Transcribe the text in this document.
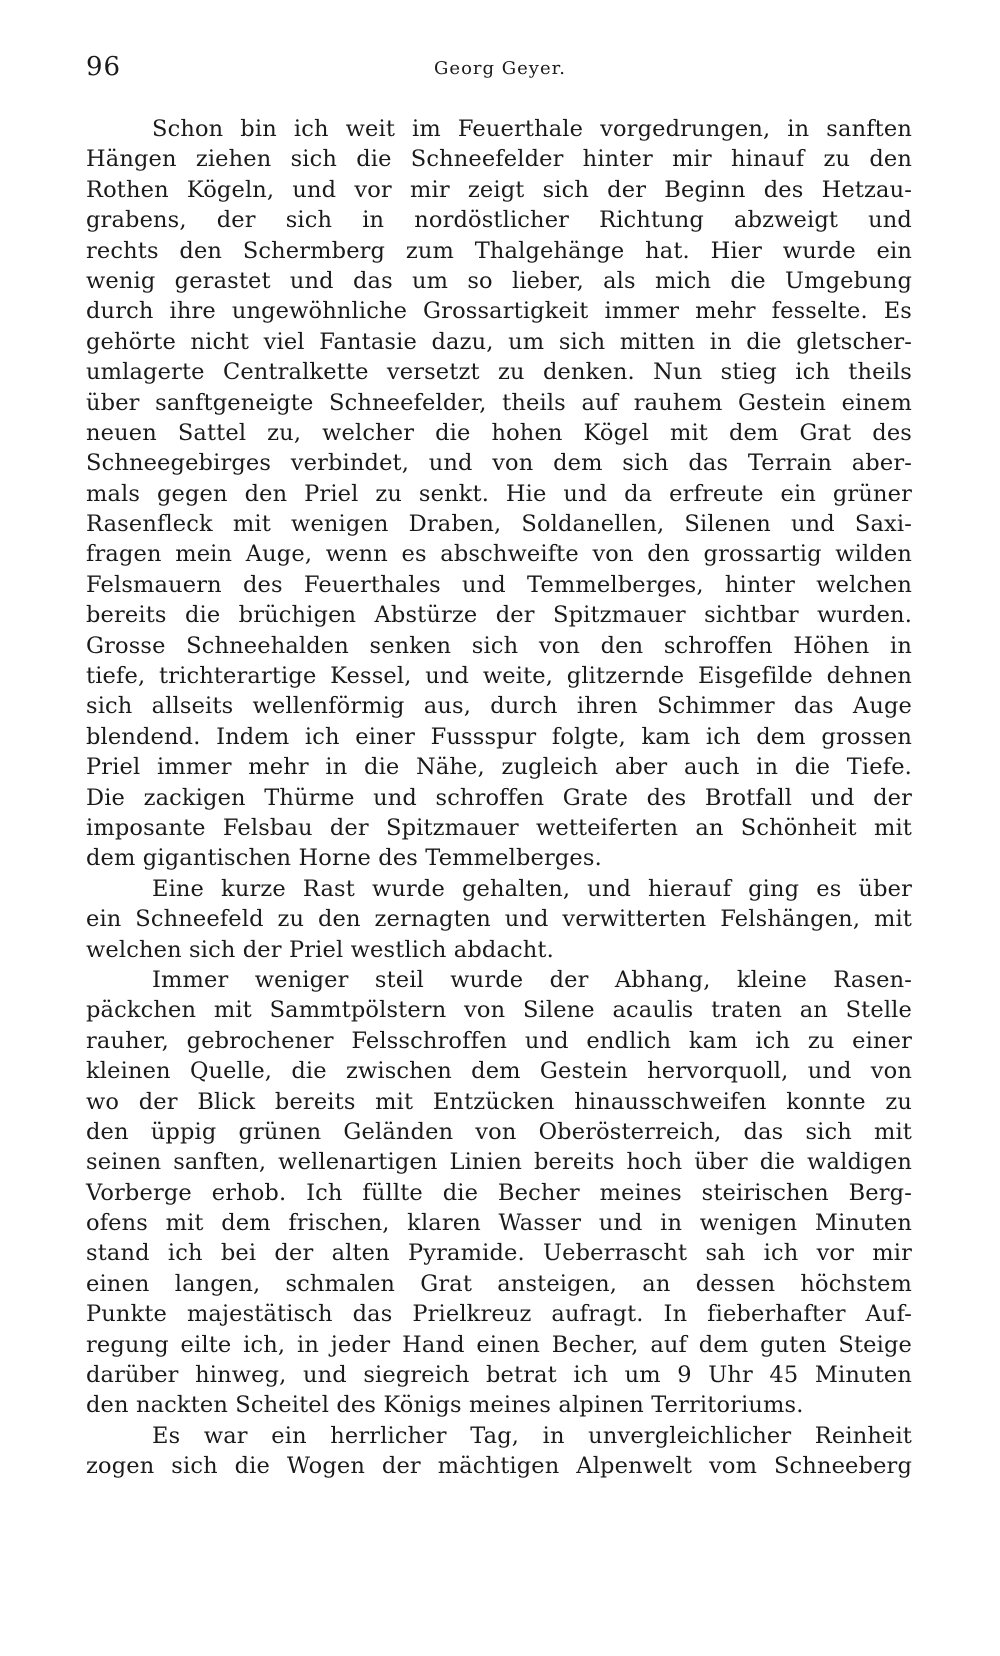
96	Georg Geyer.
Schon bin ich weit im Feuerthale vorgedrungen, in sanften
Hängen ziehen sich die Schneefelder hinter mir hinauf zu den
Rothen Kögeln, und vor mir zeigt sich der Beginn des Hetzau-
grabens, der sich in nordöstlicher Richtung abzweigt und
rechts den Schermberg zum Thalgehänge hat. Hier wurde ein
wenig gerastet und das um so lieber, als mich die Umgebung
durch ihre ungewöhnliche Grossartigkeit immer mehr fesselte. Es
gehörte nicht viel Fantasie dazu, um sich mitten in die gletscher-
umlagerte Centralkette versetzt zu denken. Nun stieg ich theils
über sanftgeneigte Schneefelder, theils auf rauhem Gestein einem
neuen Sattel zu, welcher die hohen Kögel mit dem Grat des
Schneegebirges verbindet, und von dem sich das Terrain aber-
mals gegen den Priel zu senkt. Hie und da erfreute ein grüner
Rasenfleck mit wenigen Draben, Soldanellen, Silenen und Saxi-
fragen mein Auge, wenn es abschweifte von den grossartig wilden
Felsmauern des Feuerthales und Temmelberges, hinter welchen
bereits die brüchigen Abstürze der Spitzmauer sichtbar wurden.
Grosse Schneehalden senken sich von den schroffen Höhen in
tiefe, trichterartige Kessel, und weite, glitzernde Eisgefilde dehnen
sich allseits wellenförmig aus, durch ihren Schimmer das Auge
blendend. Indem ich einer Fussspur folgte, kam ich dem grossen
Priel immer mehr in die Nähe, zugleich aber auch in die Tiefe.
Die zackigen Thürme und schroffen Grate des Brotfall und der
imposante Felsbau der Spitzmauer wetteiferten an Schönheit mit
dem gigantischen Horne des Temmelberges.
Eine kurze Rast wurde gehalten, und hierauf ging es über
ein Schneefeld zu den zernagten und verwitterten Felshängen, mit
welchen sich der Priel westlich abdacht.
Immer weniger steil wurde der Abhang, kleine Rasen-
päckchen mit Sammtpölstern von Silene acaulis traten an Stelle
rauher, gebrochener Felsschroffen und endlich kam ich zu einer
kleinen Quelle, die zwischen dem Gestein hervorquoll, und von
wo der Blick bereits mit Entzücken hinausschweifen konnte zu
den üppig grünen Geländen von Oberösterreich, das sich mit
seinen sanften, wellenartigen Linien bereits hoch über die waldigen
Vorberge erhob. Ich füllte die Becher meines steirischen Berg-
ofens mit dem frischen, klaren Wasser und in wenigen Minuten
stand ich bei der alten Pyramide. Ueberrascht sah ich vor mir
einen langen, schmalen Grat ansteigen, an dessen höchstem
Punkte majestätisch das Prielkreuz aufragt. In fieberhafter Auf-
regung eilte ich, in jeder Hand einen Becher, auf dem guten Steige
darüber hinweg, und siegreich betrat ich um 9 Uhr 45 Minuten
den nackten Scheitel des Königs meines alpinen Territoriums.
Es war ein herrlicher Tag, in unvergleichlicher Reinheit
zogen sich die Wogen der mächtigen Alpenwelt vom Schneeberg
